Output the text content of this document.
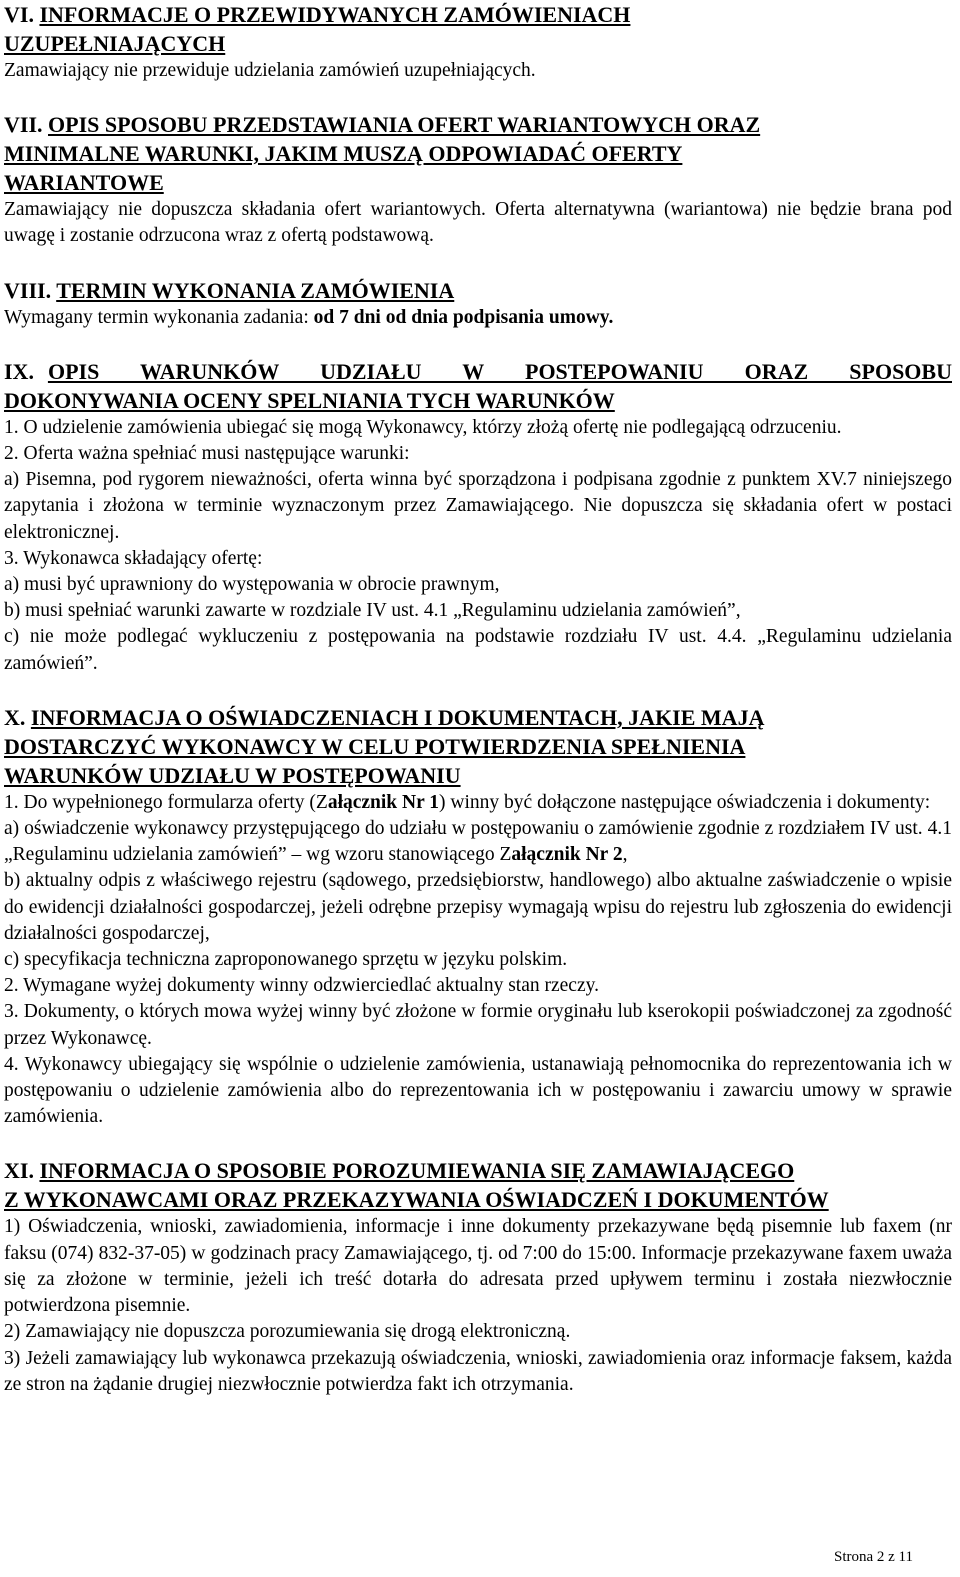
VI. INFORMACJE O PRZEWIDYWANYCH ZAMÓWIENIACH
UZUPEŁNIAJĄCYCH

Zamawiający nie przewiduje udzielania zamówień uzupełniających.

VII. OPIS SPOSOBU PRZEDSTAWIANIA OFERT WARIANTOWYCH ORAZ
MINIMALNE WARUNKI, JAKIM MUSZĄ ODPOWIADAĆ OFERTY
WARIANTOWE

Zamawiający nie dopuszcza składania ofert wariantowych. Oferta alternatywna (wariantowa) nie będzie brana pod uwagę i zostanie odrzucona wraz z ofertą podstawową.

VIII. TERMIN WYKONANIA ZAMÓWIENIA

Wymagany termin wykonania zadania: od 7 dni od dnia podpisania umowy.

IX. OPIS WARUNKÓW UDZIAŁU W POSTEPOWANIU ORAZ SPOSOBU
DOKONYWANIA OCENY SPELNIANIA TYCH WARUNKÓW

1. O udzielenie zamówienia ubiegać się mogą Wykonawcy, którzy złożą ofertę nie podlegającą odrzuceniu.

2. Oferta ważna spełniać musi następujące warunki:

a) Pisemna, pod rygorem nieważności, oferta winna być sporządzona i podpisana zgodnie z punktem XV.7 niniejszego zapytania i złożona w terminie wyznaczonym przez Zamawiającego. Nie dopuszcza się składania ofert w postaci elektronicznej.

3. Wykonawca składający ofertę:

a) musi być uprawniony do występowania w obrocie prawnym,

b) musi spełniać warunki zawarte w rozdziale IV ust. 4.1 „Regulaminu udzielania zamówień”,

c) nie może podlegać wykluczeniu z postępowania na podstawie rozdziału IV ust. 4.4. „Regulaminu udzielania zamówień”.

X. INFORMACJA O OŚWIADCZENIACH I DOKUMENTACH, JAKIE MAJĄ
DOSTARCZYĆ WYKONAWCY W CELU POTWIERDZENIA SPEŁNIENIA
WARUNKÓW UDZIAŁU W POSTĘPOWANIU

1. Do wypełnionego formularza oferty (Załącznik Nr 1) winny być dołączone następujące oświadczenia i dokumenty:

a) oświadczenie wykonawcy przystępującego do udziału w postępowaniu o zamówienie zgodnie z rozdziałem IV ust. 4.1 „Regulaminu udzielania zamówień” – wg wzoru stanowiącego Załącznik Nr 2,

b) aktualny odpis z właściwego rejestru (sądowego, przedsiębiorstw, handlowego) albo aktualne zaświadczenie o wpisie do ewidencji działalności gospodarczej, jeżeli odrębne przepisy wymagają wpisu do rejestru lub zgłoszenia do ewidencji działalności gospodarczej,

c) specyfikacja techniczna zaproponowanego sprzętu w języku polskim.

2. Wymagane wyżej dokumenty winny odzwierciedlać aktualny stan rzeczy.

3. Dokumenty, o których mowa wyżej winny być złożone w formie oryginału lub kserokopii poświadczonej za zgodność przez Wykonawcę.

4. Wykonawcy ubiegający się wspólnie o udzielenie zamówienia, ustanawiają pełnomocnika do reprezentowania ich w postępowaniu o udzielenie zamówienia albo do reprezentowania ich w postępowaniu i zawarciu umowy w sprawie zamówienia.

XI. INFORMACJA O SPOSOBIE POROZUMIEWANIA SIĘ ZAMAWIAJĄCEGO
Z WYKONAWCAMI ORAZ PRZEKAZYWANIA OŚWIADCZEŃ I DOKUMENTÓW

1) Oświadczenia, wnioski, zawiadomienia, informacje i inne dokumenty przekazywane będą pisemnie lub faxem (nr faksu (074) 832-37-05) w godzinach pracy Zamawiającego, tj. od 7:00 do 15:00. Informacje przekazywane faxem uważa się za złożone w terminie, jeżeli ich treść dotarła do adresata przed upływem terminu i została niezwłocznie potwierdzona pisemnie.

2) Zamawiający nie dopuszcza porozumiewania się drogą elektroniczną.

3) Jeżeli zamawiający lub wykonawca przekazują oświadczenia, wnioski, zawiadomienia oraz informacje faksem, każda ze stron na żądanie drugiej niezwłocznie potwierdza fakt ich otrzymania.

Strona 2 z 11
